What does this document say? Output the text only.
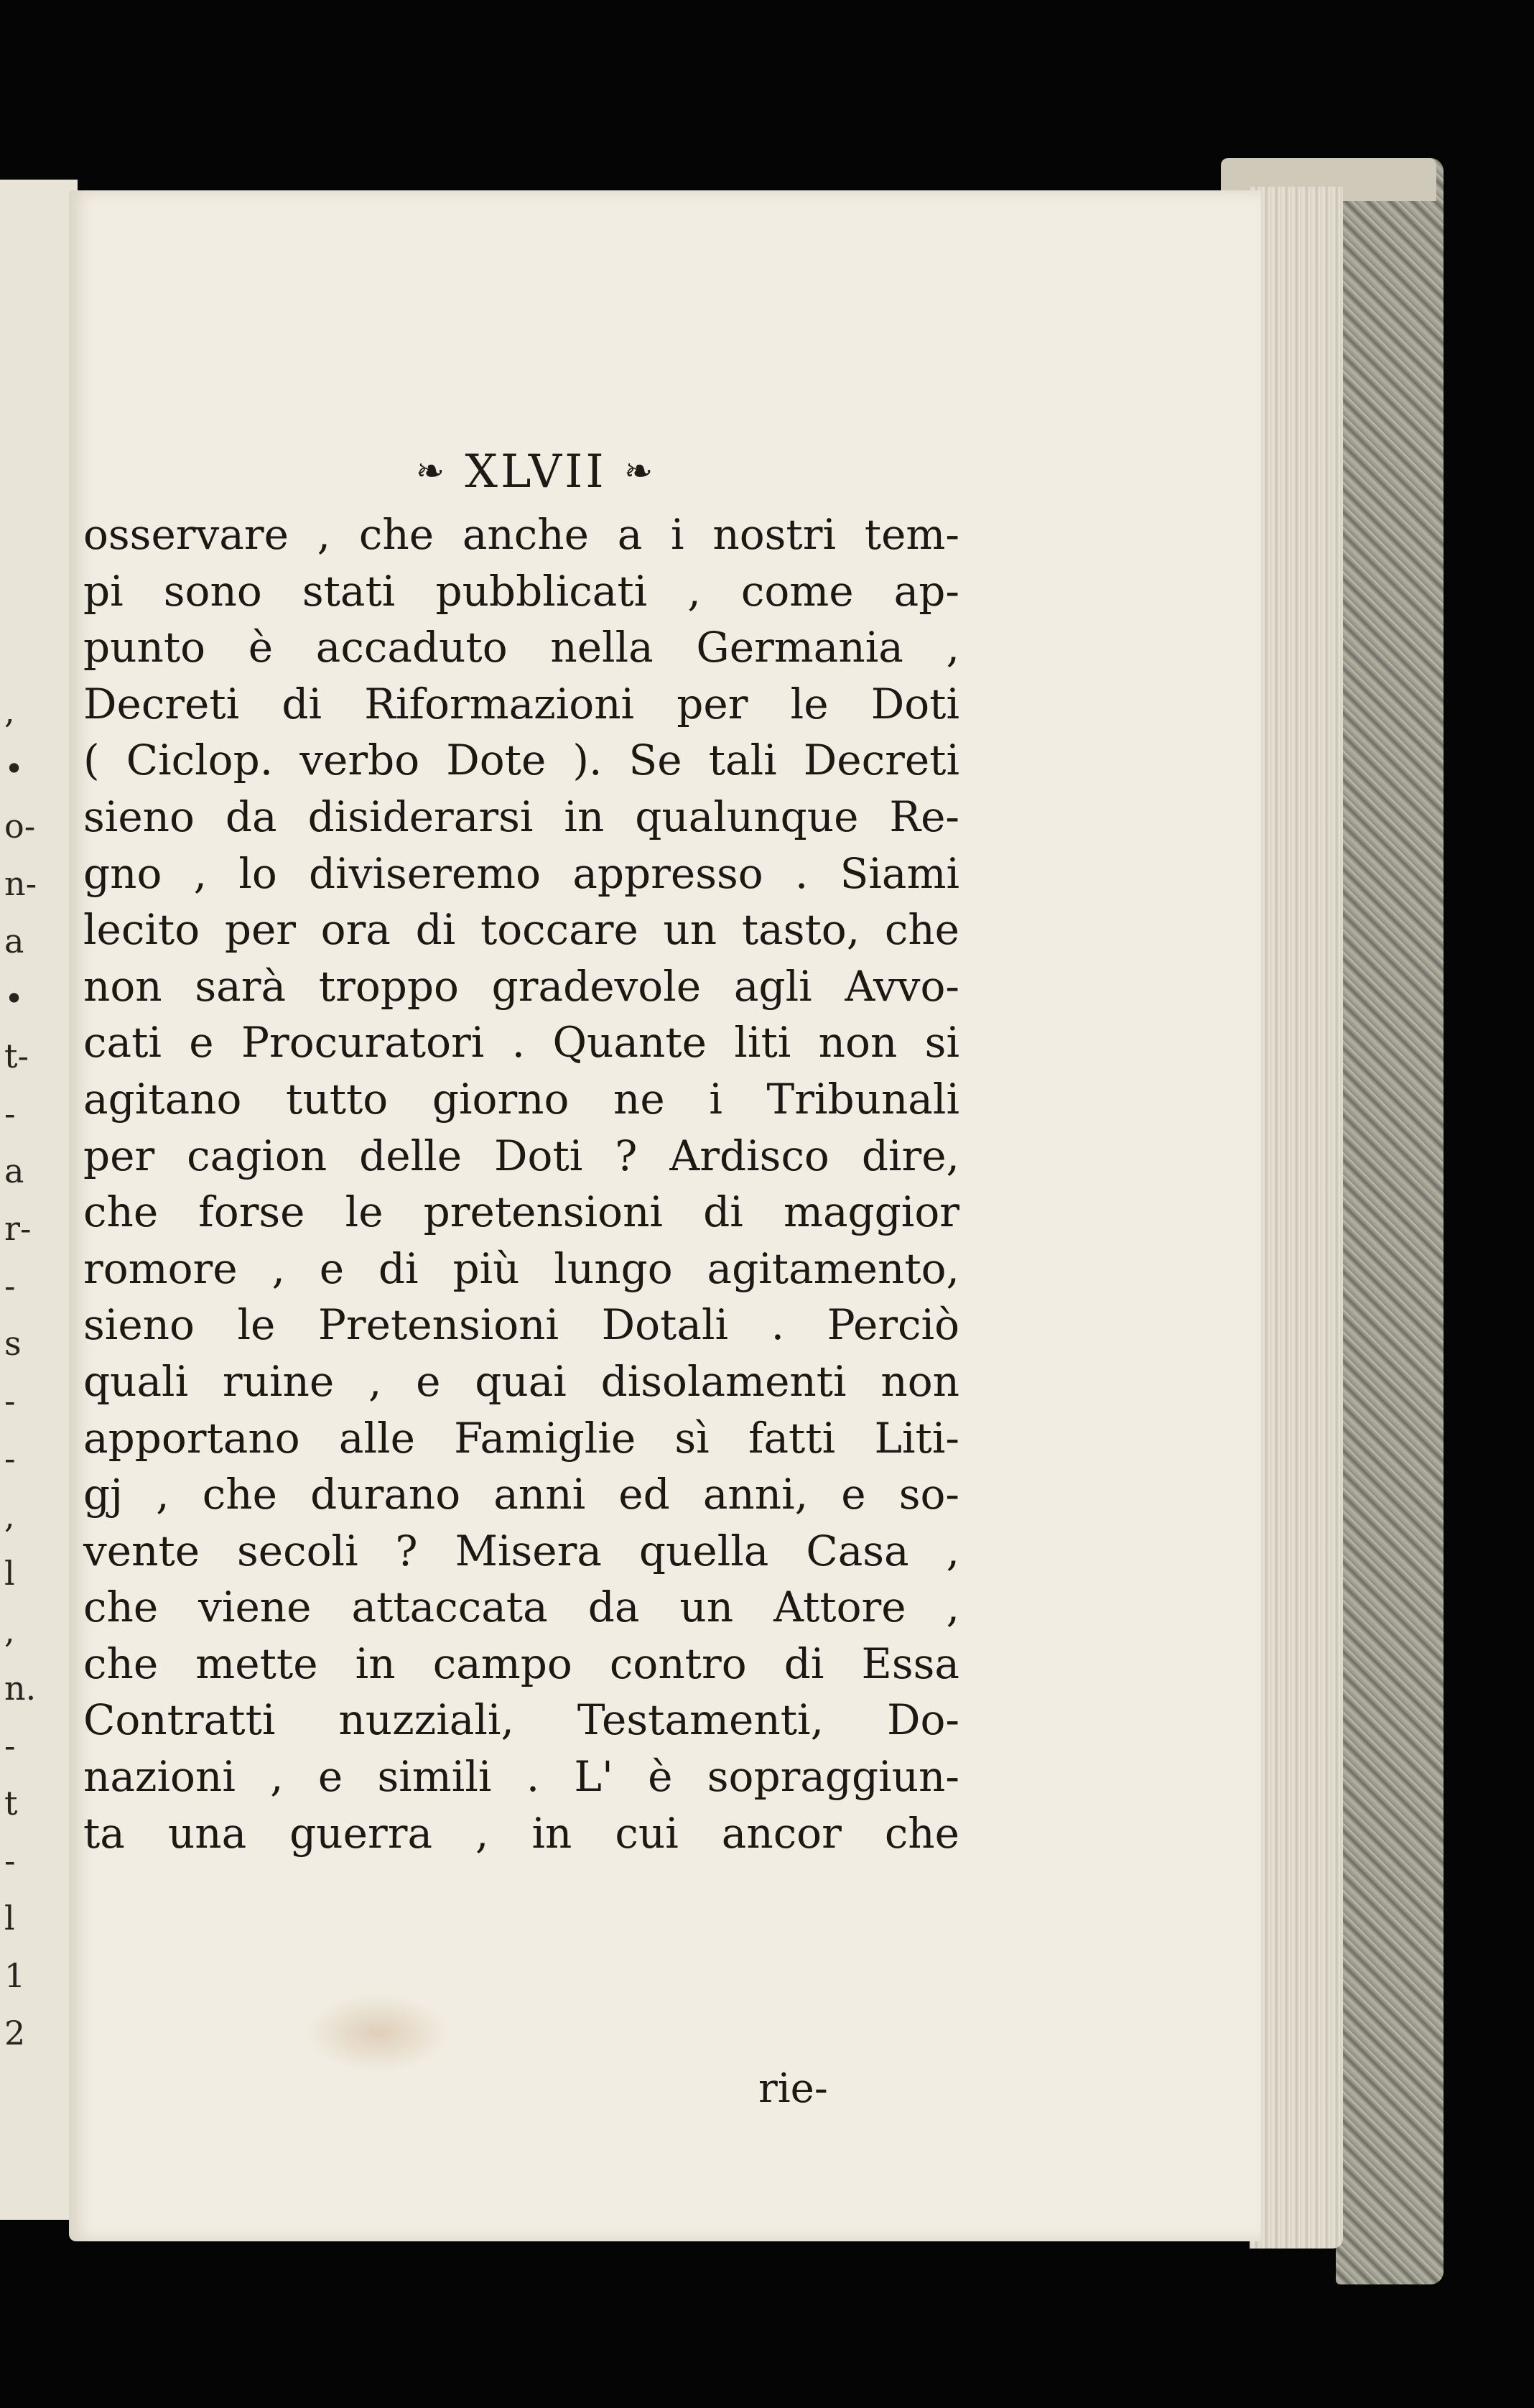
,
•
o-
n-
a
•
t-
-
a
r-
-
s
-
-
,
l
,
n.
-
t
-
l
1
2
❧ XLVII ❧
osservare , che anche a i nostri tem-
pi sono stati pubblicati , come ap-
punto è accaduto nella Germania ,
Decreti di Riformazioni per le Doti
( Ciclop. verbo Dote ). Se tali Decreti
sieno da disiderarsi in qualunque Re-
gno , lo diviseremo appresso . Siami
lecito per ora di toccare un tasto, che
non sarà troppo gradevole agli Avvo-
cati e Procuratori . Quante liti non si
agitano tutto giorno ne i Tribunali
per cagion delle Doti ? Ardisco dire,
che forse le pretensioni di maggior
romore , e di più lungo agitamento,
sieno le Pretensioni Dotali . Perciò
quali ruine , e quai disolamenti non
apportano alle Famiglie sì fatti Liti-
gj , che durano anni ed anni, e so-
vente secoli ? Misera quella Casa ,
che viene attaccata da un Attore ,
che mette in campo contro di Essa
Contratti nuzziali, Testamenti, Do-
nazioni , e simili . L' è sopraggiun-
ta una guerra , in cui ancor che
rie-
